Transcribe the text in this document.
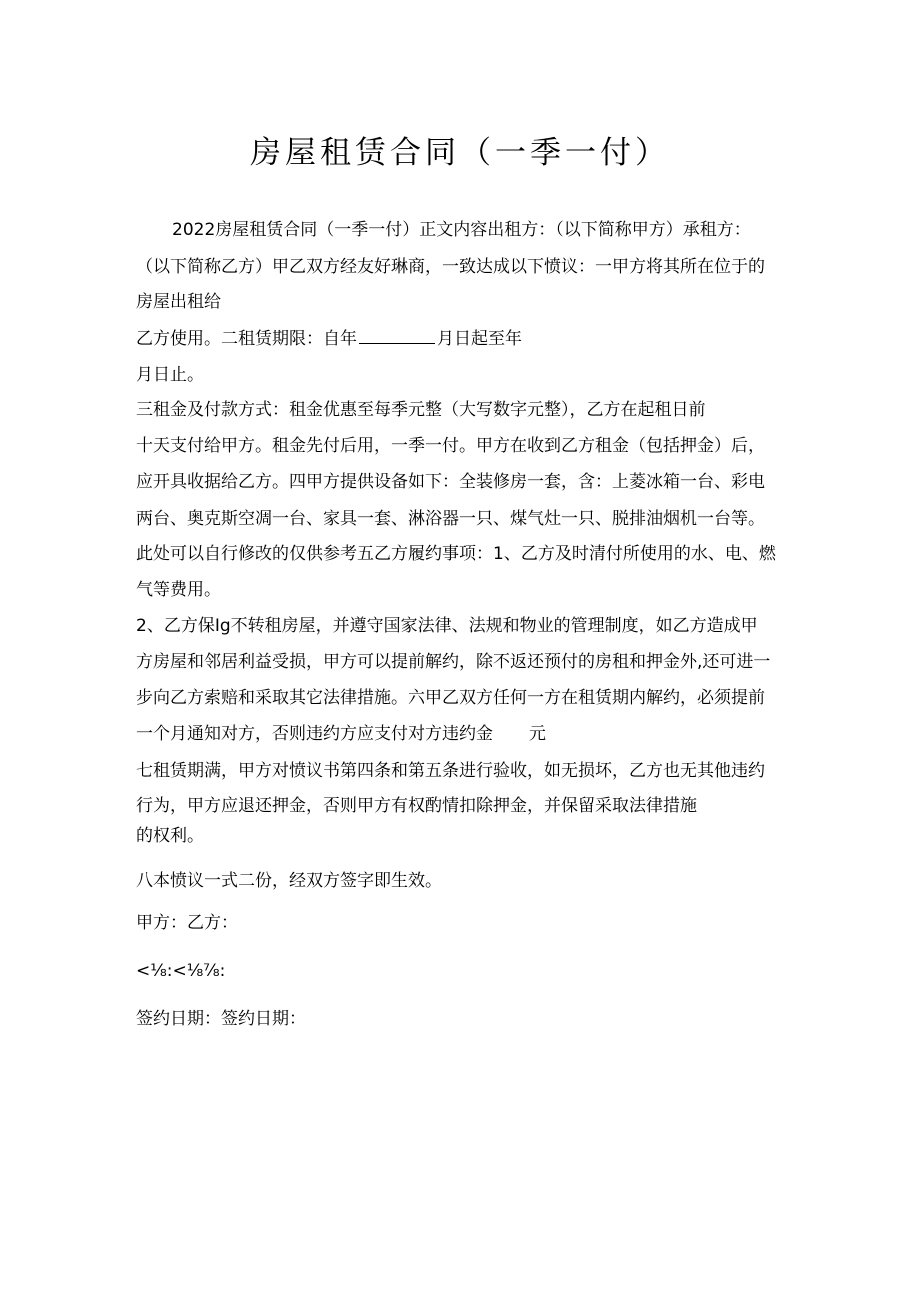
房屋租赁合同（一季一付）
2022房屋租赁合同（一季一付）正文内容出租方：（以下简称甲方）承租方：
（以下简称乙方）甲乙双方经友好琳商，一致达成以下愤议：一甲方将其所在位于的
房屋出租给
乙方使用。二租赁期限：自年	月日起至年
月日止。
三租金及付款方式：租金优惠至每季元整（大写数字元整），乙方在起租日前
十天支付给甲方。租金先付后用，一季一付。甲方在收到乙方租金（包括押金）后，
应开具收据给乙方。四甲方提供设备如下：全装修房一套，含：上菱冰箱一台、彩电
两台、奥克斯空凋一台、家具一套、淋浴器一只、煤气灶一只、脱排油烟机一台等。
此处可以自行修改的仅供参考五乙方履约事项：1、乙方及时清付所使用的水、电、燃
气等费用。
2、乙方保Ig不转租房屋，并遵守国家法律、法规和物业的管理制度，如乙方造成甲
方房屋和邻居利益受损，甲方可以提前解约，除不返还预付的房租和押金外,还可进一
步向乙方索赔和采取其它法律措施。六甲乙双方任何一方在租赁期内解约，必须提前
一个月通知对方，否则违约方应支付对方违约金 元
七租赁期满，甲方对愤议书第四条和第五条进行验收，如无损坏，乙方也无其他违约
行为，甲方应退还押金，否则甲方有权酌情扣除押金，并保留采取法律措施
的权利。
八本愤议一式二份，经双方签字即生效。
甲方：乙方：
<⅛:<⅛⅞:
签约日期：签约日期：
